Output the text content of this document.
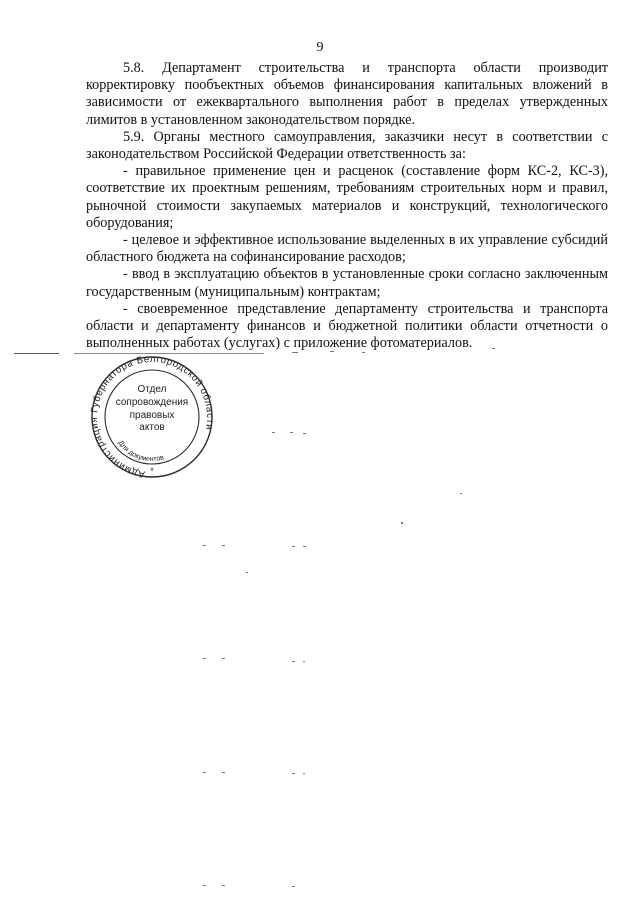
9

5.8. Департамент строительства и транспорта области производит корректировку пообъектных объемов финансирования капитальных вложений в зависимости от ежеквартального выполнения работ в пределах утвержденных лимитов в установленном законодательством порядке.

5.9. Органы местного самоуправления, заказчики несут в соответствии с законодательством Российской Федерации ответственность за:

- правильное применение цен и расценок (составление форм КС-2, КС-3), соответствие их проектным решениям, требованиям строительных норм и правил, рыночной стоимости закупаемых материалов и конструкций, технологического оборудования;

- целевое и эффективное использование выделенных в их управление субсидий областного бюджета на софинансирование расходов;

- ввод в эксплуатацию объектов в установленные сроки согласно заключенным государственным (муниципальным) контрактам;

- своевременное представление департаменту строительства и транспорта области и департаменту финансов и бюджетной политики области отчетности о выполненных работах (услугах) с приложение фотоматериалов.

Администрация Губернатора Белгородской области
Для документов
Отдел
сопровождения
правовых
актов
*
